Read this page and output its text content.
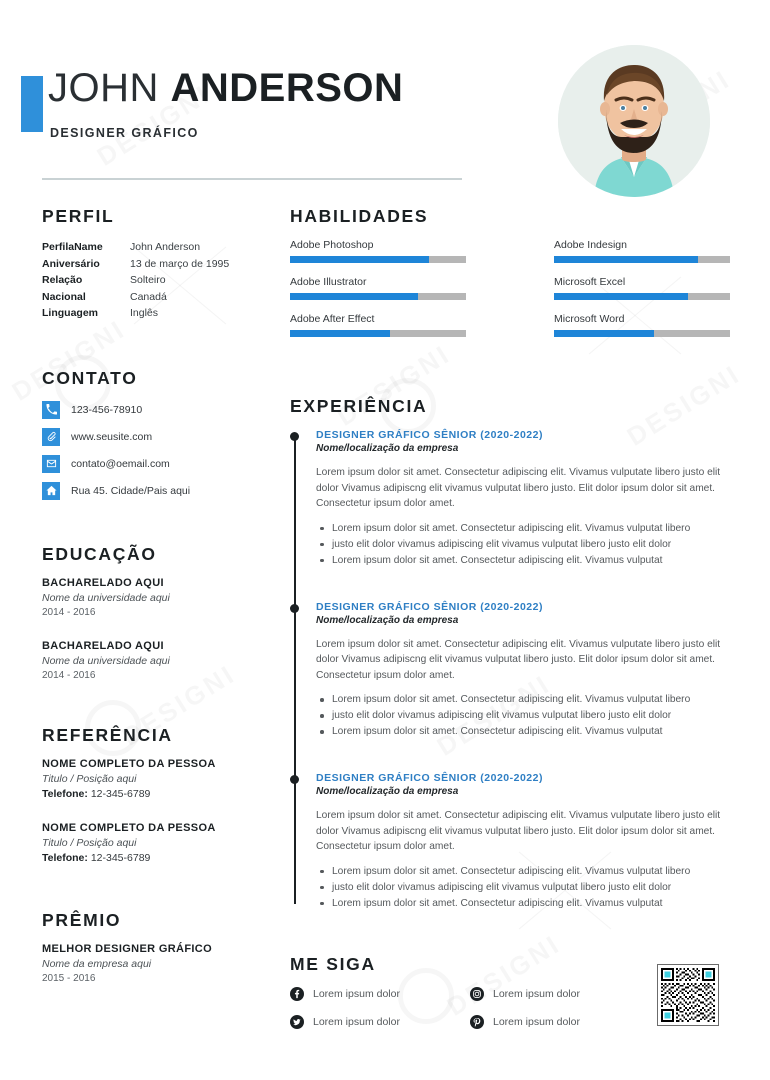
JOHN ANDERSON
DESIGNER GRÁFICO
PERFIL
PerfilaName	John Anderson
Aniversário	13 de março de 1995
Relação	Solteiro
Nacional	Canadá
Linguagem	Inglês
CONTATO
123-456-78910
www.seusite.com
contato@oemail.com
Rua 45. Cidade/Pais aqui
EDUCAÇÃO
BACHARELADO AQUI
Nome da universidade aqui
2014 - 2016
BACHARELADO AQUI
Nome da universidade aqui
2014 - 2016
REFERÊNCIA
NOME COMPLETO DA PESSOA
Titulo / Posição aqui
Telefone: 12-345-6789
NOME COMPLETO DA PESSOA
Titulo / Posição aqui
Telefone: 12-345-6789
PRÊMIO
MELHOR DESIGNER GRÁFICO
Nome da empresa aqui
2015 - 2016
HABILIDADES
Adobe Photoshop
Adobe Illustrator
Adobe After Effect
Adobe Indesign
Microsoft Excel
Microsoft Word
EXPERIÊNCIA
DESIGNER GRÁFICO SÊNIOR (2020-2022)
Nome/localização da empresa
Lorem ipsum dolor sit amet. Consectetur adipiscing elit. Vivamus vulputate libero justo elit dolor Vivamus adipiscng elit vivamus vulputat libero justo. Elit dolor ipsum dolor sit amet. Consectetur ipsum dolor amet.
Lorem ipsum dolor sit amet. Consectetur adipiscing elit. Vivamus vulputat libero
justo elit dolor vivamus adipiscing elit vivamus vulputat libero justo elit dolor
Lorem ipsum dolor sit amet. Consectetur adipiscing elit. Vivamus vulputat
DESIGNER GRÁFICO SÊNIOR (2020-2022)
Nome/localização da empresa
Lorem ipsum dolor sit amet. Consectetur adipiscing elit. Vivamus vulputate libero justo elit dolor Vivamus adipiscng elit vivamus vulputat libero justo. Elit dolor ipsum dolor sit amet. Consectetur ipsum dolor amet.
Lorem ipsum dolor sit amet. Consectetur adipiscing elit. Vivamus vulputat libero
justo elit dolor vivamus adipiscing elit vivamus vulputat libero justo elit dolor
Lorem ipsum dolor sit amet. Consectetur adipiscing elit. Vivamus vulputat
DESIGNER GRÁFICO SÊNIOR (2020-2022)
Nome/localização da empresa
Lorem ipsum dolor sit amet. Consectetur adipiscing elit. Vivamus vulputate libero justo elit dolor Vivamus adipiscng elit vivamus vulputat libero justo. Elit dolor ipsum dolor sit amet. Consectetur ipsum dolor amet.
Lorem ipsum dolor sit amet. Consectetur adipiscing elit. Vivamus vulputat libero
justo elit dolor vivamus adipiscing elit vivamus vulputat libero justo elit dolor
Lorem ipsum dolor sit amet. Consectetur adipiscing elit. Vivamus vulputat
ME SIGA
Lorem ipsum dolor	Lorem ipsum dolor
Lorem ipsum dolor	Lorem ipsum dolor
